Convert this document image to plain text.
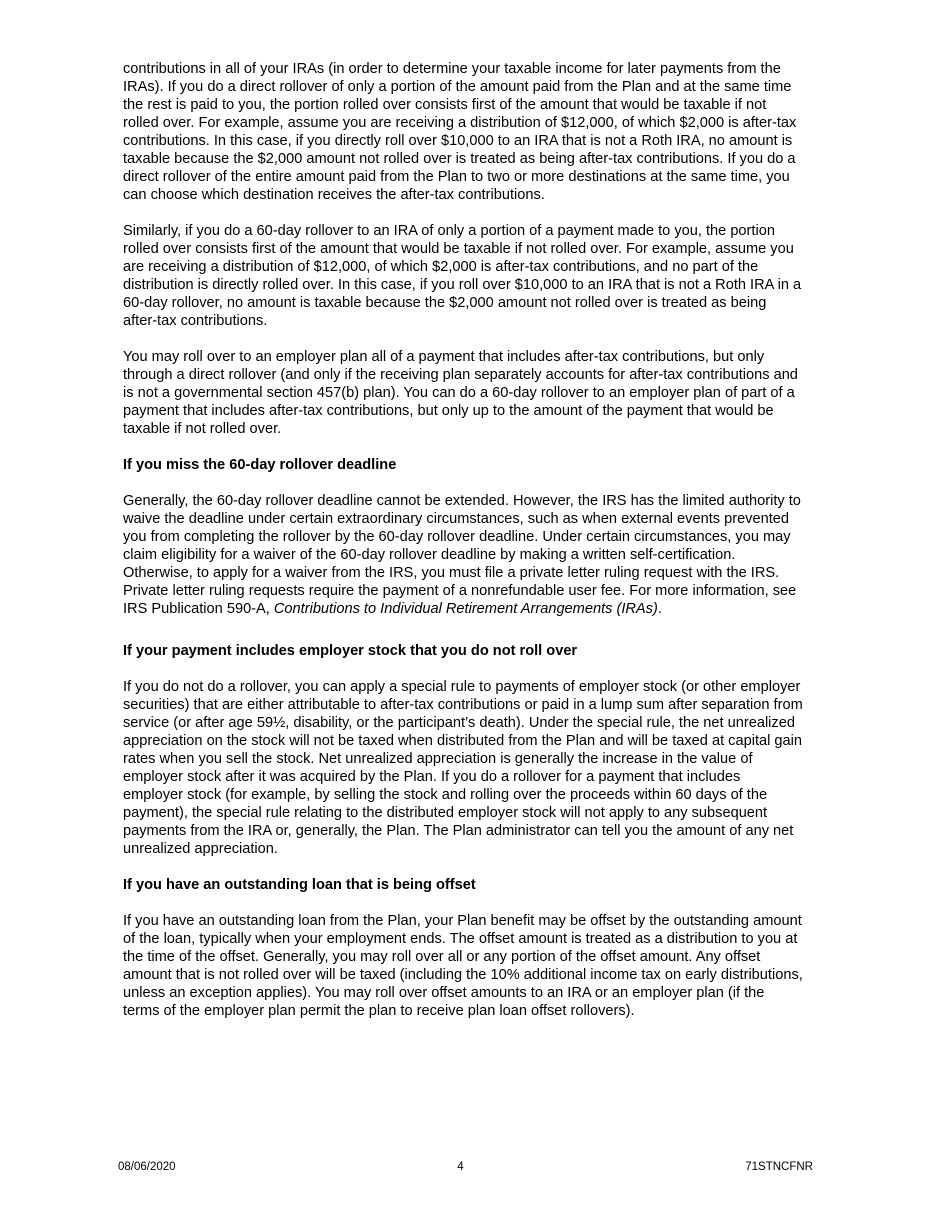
contributions in all of your IRAs (in order to determine your taxable income for later payments from the IRAs). If you do a direct rollover of only a portion of the amount paid from the Plan and at the same time the rest is paid to you, the portion rolled over consists first of the amount that would be taxable if not rolled over. For example, assume you are receiving a distribution of $12,000, of which $2,000 is after-tax contributions. In this case, if you directly roll over $10,000 to an IRA that is not a Roth IRA, no amount is taxable because the $2,000 amount not rolled over is treated as being after-tax contributions. If you do a direct rollover of the entire amount paid from the Plan to two or more destinations at the same time, you can choose which destination receives the after-tax contributions.

Similarly, if you do a 60-day rollover to an IRA of only a portion of a payment made to you, the portion rolled over consists first of the amount that would be taxable if not rolled over. For example, assume you are receiving a distribution of $12,000, of which $2,000 is after-tax contributions, and no part of the distribution is directly rolled over. In this case, if you roll over $10,000 to an IRA that is not a Roth IRA in a 60-day rollover, no amount is taxable because the $2,000 amount not rolled over is treated as being after-tax contributions.

You may roll over to an employer plan all of a payment that includes after-tax contributions, but only through a direct rollover (and only if the receiving plan separately accounts for after-tax contributions and is not a governmental section 457(b) plan). You can do a 60-day rollover to an employer plan of part of a payment that includes after-tax contributions, but only up to the amount of the payment that would be taxable if not rolled over.

If you miss the 60-day rollover deadline

Generally, the 60-day rollover deadline cannot be extended. However, the IRS has the limited authority to waive the deadline under certain extraordinary circumstances, such as when external events prevented you from completing the rollover by the 60-day rollover deadline. Under certain circumstances, you may claim eligibility for a waiver of the 60-day rollover deadline by making a written self-certification. Otherwise, to apply for a waiver from the IRS, you must file a private letter ruling request with the IRS. Private letter ruling requests require the payment of a nonrefundable user fee. For more information, see IRS Publication 590-A, Contributions to Individual Retirement Arrangements (IRAs).

If your payment includes employer stock that you do not roll over

If you do not do a rollover, you can apply a special rule to payments of employer stock (or other employer securities) that are either attributable to after-tax contributions or paid in a lump sum after separation from service (or after age 59½, disability, or the participant’s death). Under the special rule, the net unrealized appreciation on the stock will not be taxed when distributed from the Plan and will be taxed at capital gain rates when you sell the stock. Net unrealized appreciation is generally the increase in the value of employer stock after it was acquired by the Plan. If you do a rollover for a payment that includes employer stock (for example, by selling the stock and rolling over the proceeds within 60 days of the payment), the special rule relating to the distributed employer stock will not apply to any subsequent payments from the IRA or, generally, the Plan. The Plan administrator can tell you the amount of any net unrealized appreciation.

If you have an outstanding loan that is being offset

If you have an outstanding loan from the Plan, your Plan benefit may be offset by the outstanding amount of the loan, typically when your employment ends. The offset amount is treated as a distribution to you at the time of the offset. Generally, you may roll over all or any portion of the offset amount. Any offset amount that is not rolled over will be taxed (including the 10% additional income tax on early distributions, unless an exception applies). You may roll over offset amounts to an IRA or an employer plan (if the terms of the employer plan permit the plan to receive plan loan offset rollovers).

08/06/2020	4	71STNCFNR
